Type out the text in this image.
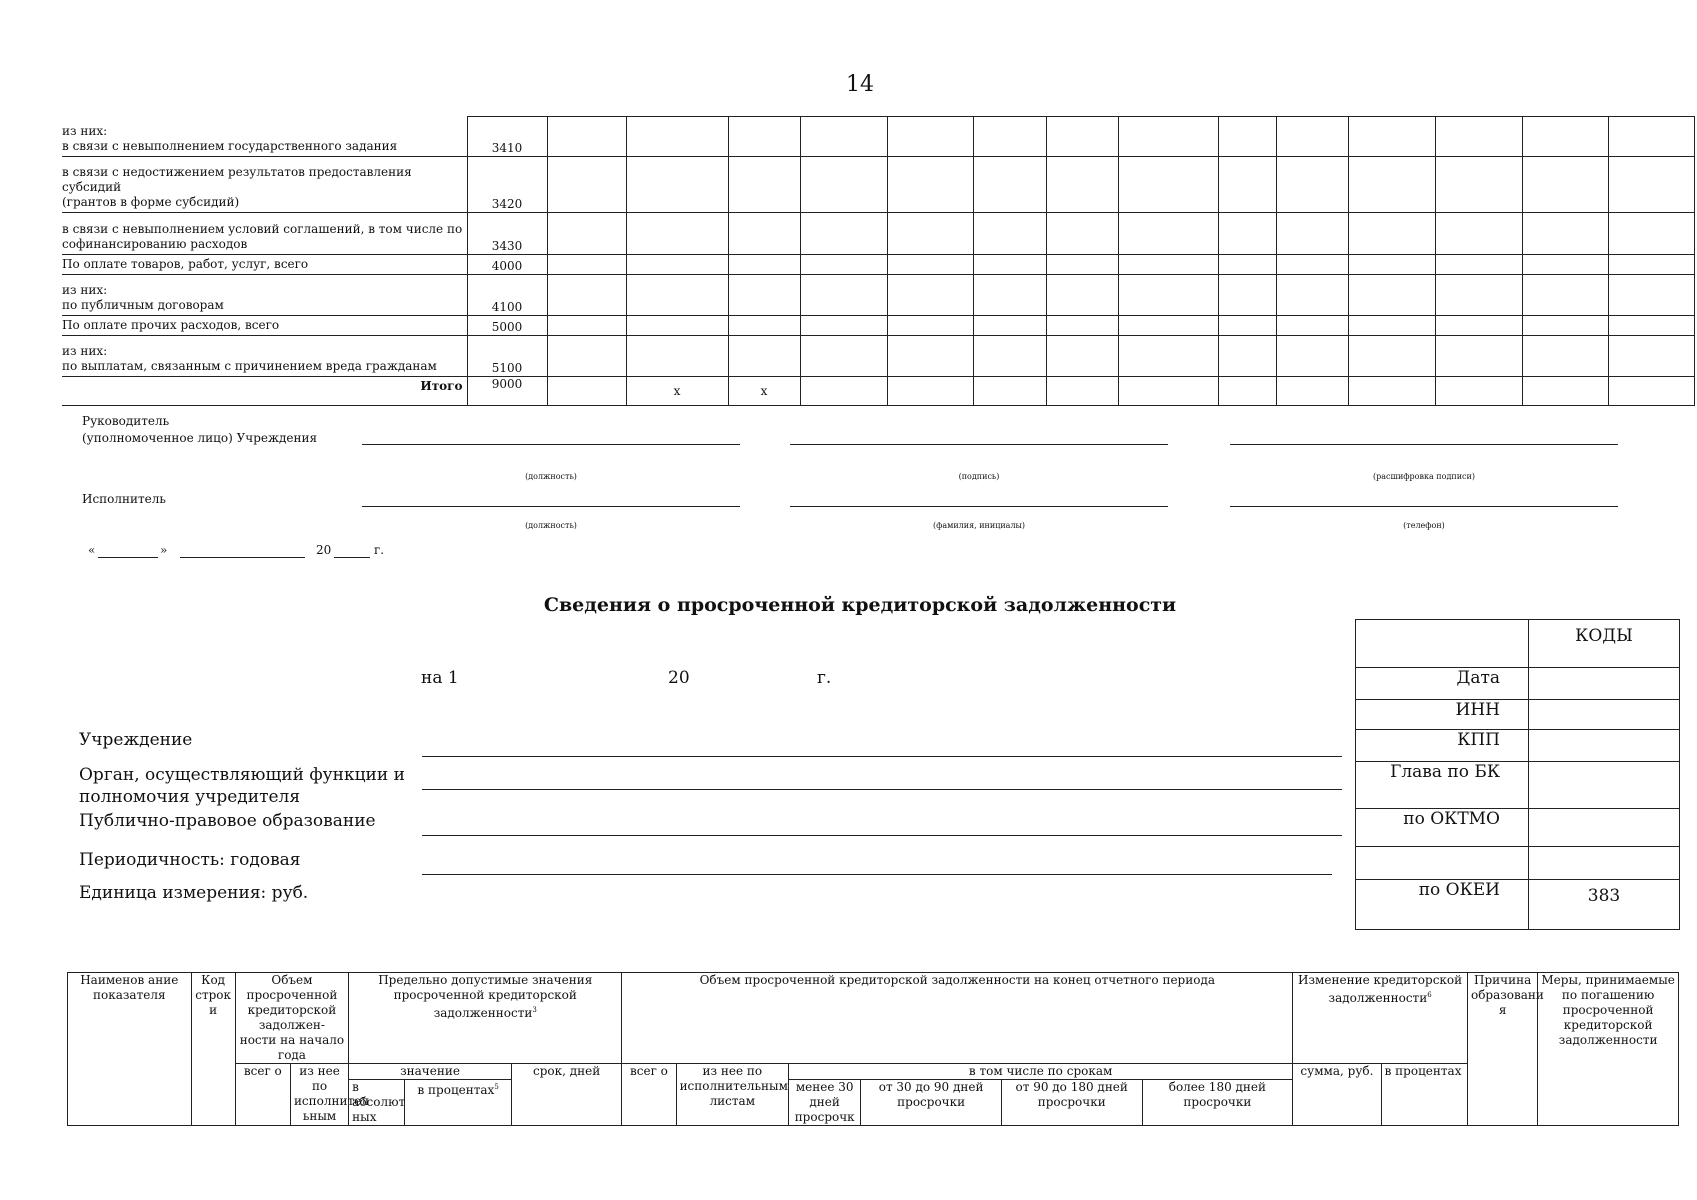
14
из них:
в связи с невыполнением государственного задания	3410														

в связи с недостижением результатов предоставления
субсидий
(грантов в форме субсидий)	3420														

в связи с невыполнением условий соглашений, в том числе по
софинансированию расходов	3430														

По оплате товаров, работ, услуг, всего	4000														

из них:
по публичным договорам	4100														

По оплате прочих расходов, всего	5000														

из них:
по выплатам, связанным с причинением вреда гражданам	5100														
Итого	9000		x	x											
Руководитель
(уполномоченное лицо) Учреждения
(должность)	(подпись)	(расшифровка подписи)
Исполнитель
(должность)	(фамилия, инициалы)	(телефон)
«	»	20	г.
Сведения о просроченной кредиторской задолженности
на 1	20	г.
Учреждение
Орган, осуществляющий функции и
полномочия учредителя
Публично-правовое образование
Периодичность: годовая
Единица измерения: руб.
	КОДЫ
Дата	
ИНН	
КПП	
Глава по БК	
по ОКТМО	

по ОКЕИ	383
Наименов ание показателя	Код строк и	Объем просроченной кредиторской задолжен- ности на начало года		Предельно допустимые значения просроченной кредиторской задолженности$^3$			Объем просроченной кредиторской задолженности на конец отчетного периода						Изменение кредиторской задолженности$^6$		Причина образовани я	Меры, принимаемые по погашению просроченной кредиторской задолженности
		всег о	из нее по исполнител ьным	значение		срок, дней	всег о	из нее по исполнительным листам	в том числе по срокам				сумма, руб.	в процентах		
				в абсолют ных	в процентах$^5$				менее 30 дней просрочк	от 30 до 90 дней просрочки	от 90 до 180 дней просрочки	более 180 дней просрочки				
